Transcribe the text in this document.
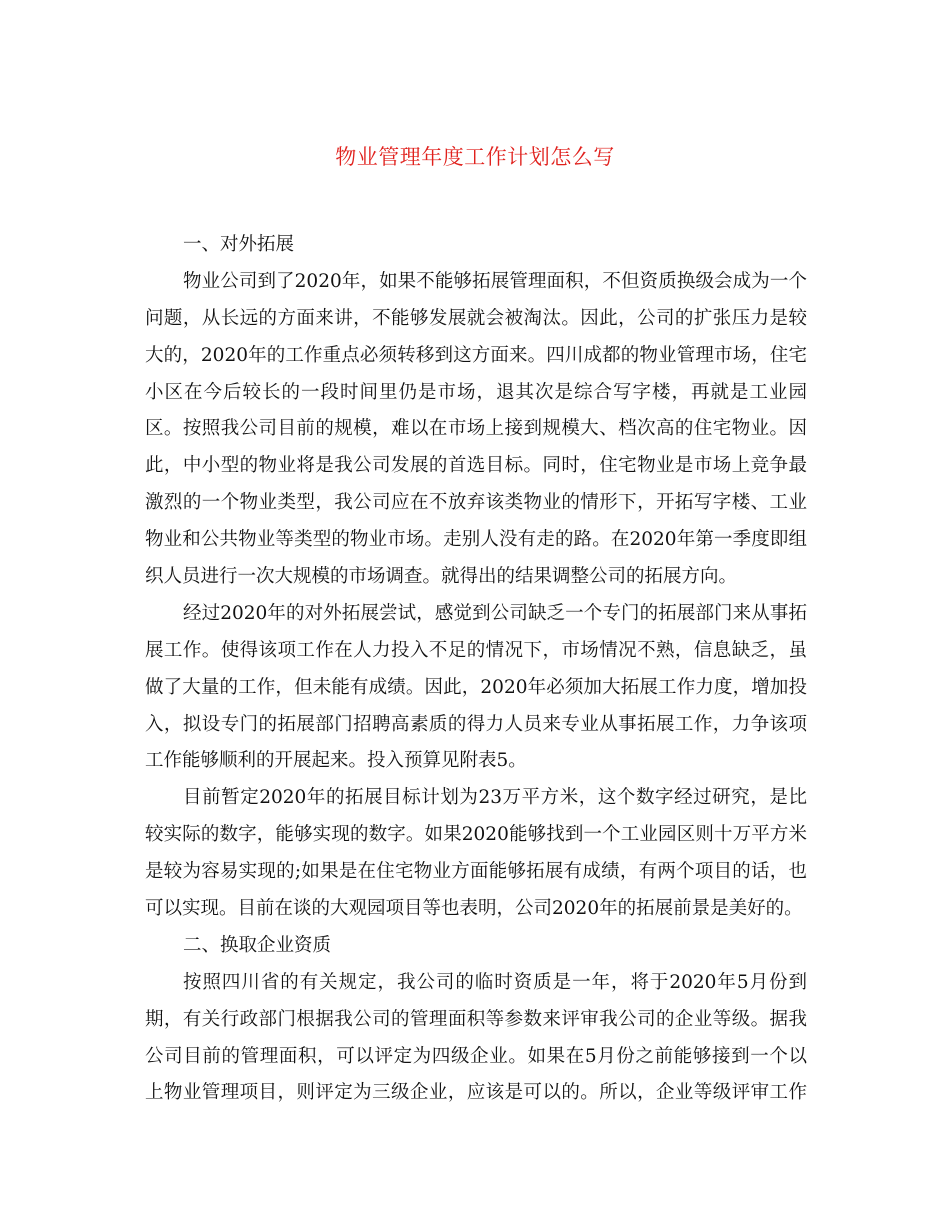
物业管理年度工作计划怎么写
一、对外拓展
物业公司到了2020年，如果不能够拓展管理面积，不但资质换级会成为一个
问题，从长远的方面来讲，不能够发展就会被淘汰。因此，公司的扩张压力是较
大的，2020年的工作重点必须转移到这方面来。四川成都的物业管理市场，住宅
小区在今后较长的一段时间里仍是市场，退其次是综合写字楼，再就是工业园
区。按照我公司目前的规模，难以在市场上接到规模大、档次高的住宅物业。因
此，中小型的物业将是我公司发展的首选目标。同时，住宅物业是市场上竞争最
激烈的一个物业类型，我公司应在不放弃该类物业的情形下，开拓写字楼、工业
物业和公共物业等类型的物业市场。走别人没有走的路。在2020年第一季度即组
织人员进行一次大规模的市场调查。就得出的结果调整公司的拓展方向。
经过2020年的对外拓展尝试，感觉到公司缺乏一个专门的拓展部门来从事拓
展工作。使得该项工作在人力投入不足的情况下，市场情况不熟，信息缺乏，虽
做了大量的工作，但未能有成绩。因此，2020年必须加大拓展工作力度，增加投
入，拟设专门的拓展部门招聘高素质的得力人员来专业从事拓展工作，力争该项
工作能够顺利的开展起来。投入预算见附表5。
目前暂定2020年的拓展目标计划为23万平方米，这个数字经过研究，是比
较实际的数字，能够实现的数字。如果2020能够找到一个工业园区则十万平方米
是较为容易实现的;如果是在住宅物业方面能够拓展有成绩，有两个项目的话，也
可以实现。目前在谈的大观园项目等也表明，公司2020年的拓展前景是美好的。
二、换取企业资质
按照四川省的有关规定，我公司的临时资质是一年，将于2020年5月份到
期，有关行政部门根据我公司的管理面积等参数来评审我公司的企业等级。据我
公司目前的管理面积，可以评定为四级企业。如果在5月份之前能够接到一个以
上物业管理项目，则评定为三级企业，应该是可以的。所以，企业等级评审工作
